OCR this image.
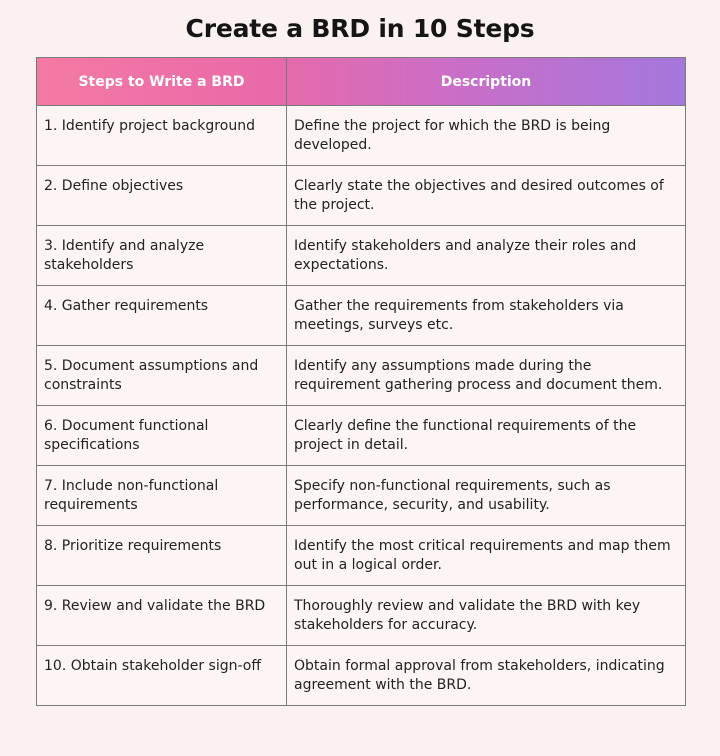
Create a BRD in 10 Steps
Steps to Write a BRD	Description
1. Identify project background	Define the project for which the BRD is being developed.
2. Define objectives	Clearly state the objectives and desired outcomes of the project.
3. Identify and analyze stakeholders	Identify stakeholders and analyze their roles and expectations.
4. Gather requirements	Gather the requirements from stakeholders via meetings, surveys etc.
5. Document assumptions and constraints	Identify any assumptions made during the requirement gathering process and document them.
6. Document functional specifications	Clearly define the functional requirements of the project in detail.
7. Include non-functional requirements	Specify non-functional requirements, such as performance, security, and usability.
8. Prioritize requirements	Identify the most critical requirements and map them out in a logical order.
9. Review and validate the BRD	Thoroughly review and validate the BRD with key stakeholders for accuracy.
10. Obtain stakeholder sign-off	Obtain formal approval from stakeholders, indicating agreement with the BRD.
